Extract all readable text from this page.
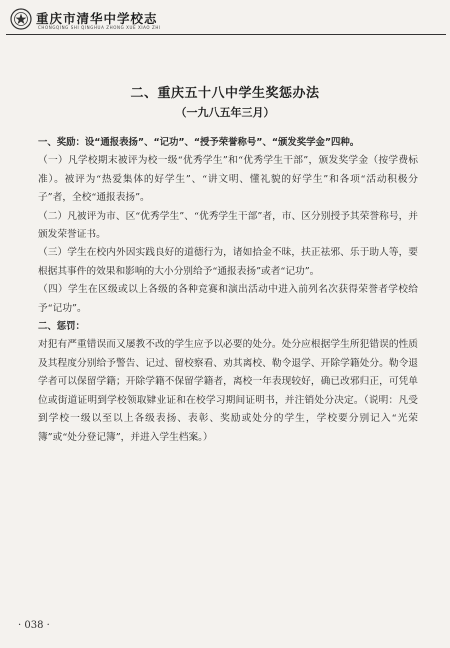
重庆市清华中学校志
CHONGQING SHI QINGHUA ZHONG XUE XIAO ZHI
二、重庆五十八中学生奖惩办法
（一九八五年三月）

一、奖励：设“通报表扬”、“记功”、“授予荣誉称号”、“颁发奖学金”四种。

（一）凡学校期末被评为校一级“优秀学生”和“优秀学生干部”，颁发奖学金（按学费标准）。被评为“热爱集体的好学生”、“讲文明、懂礼貌的好学生”和各项“活动积极分子”者，全校“通报表扬”。

（二）凡被评为市、区“优秀学生”、“优秀学生干部”者，市、区分别授予其荣誉称号，并颁发荣誉证书。

（三）学生在校内外因实践良好的道德行为，诸如拾金不昧，扶正祛邪、乐于助人等，要根据其事件的效果和影响的大小分别给予“通报表扬”或者“记功”。

（四）学生在区级或以上各级的各种竞赛和演出活动中进入前列名次获得荣誉者学校给予“记功”。

二、惩罚：

对犯有严重错误而又屡教不改的学生应予以必要的处分。处分应根据学生所犯错误的性质及其程度分别给予警告、记过、留校察看、劝其离校、勒令退学、开除学籍处分。勒令退学者可以保留学籍；开除学籍不保留学籍者，离校一年表现较好，确已改邪归正，可凭单位或街道证明到学校领取肄业证和在校学习期间证明书，并注销处分决定。（说明：凡受到学校一级以至以上各级表扬、表彰、奖励或处分的学生，学校要分别记入“光荣簿”或“处分登记簿”，并进入学生档案。）

· 038 ·
